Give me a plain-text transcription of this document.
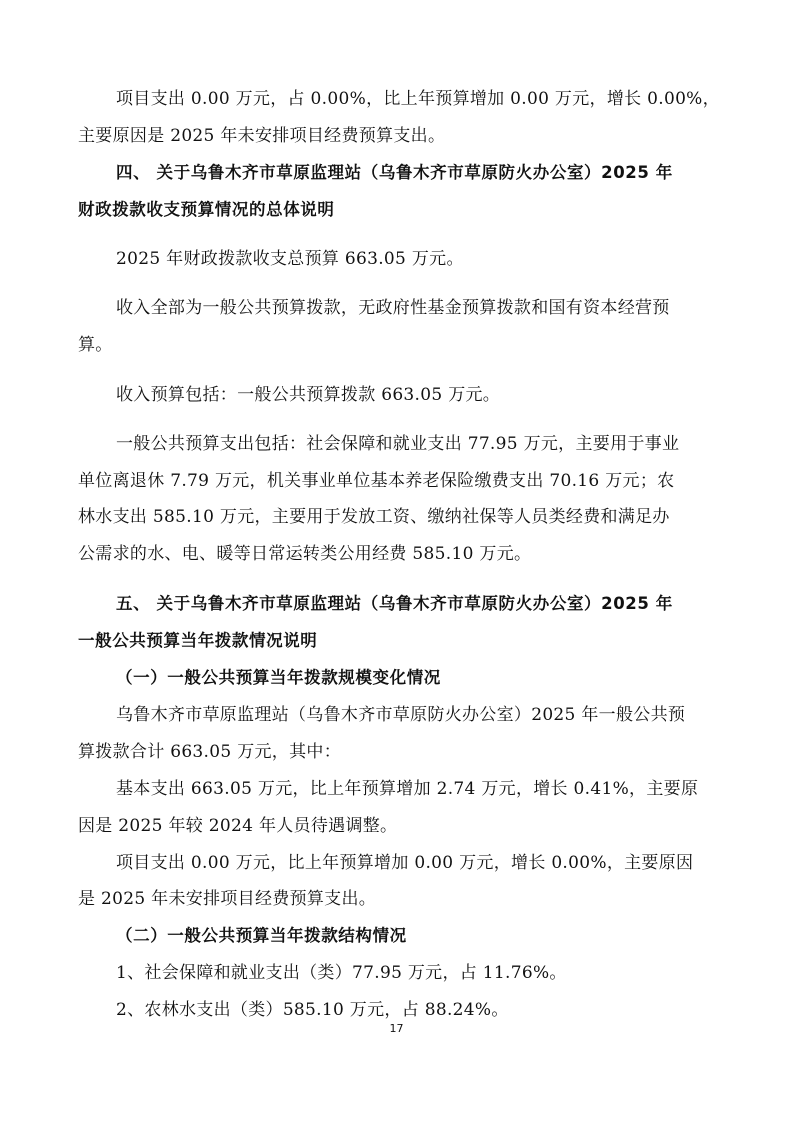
项目支出 0.00 万元，占 0.00%，比上年预算增加 0.00 万元，增长 0.00%，
主要原因是 2025 年未安排项目经费预算支出。
四、 关于乌鲁木齐市草原监理站（乌鲁木齐市草原防火办公室）2025 年
财政拨款收支预算情况的总体说明
2025 年财政拨款收支总预算 663.05 万元。
收入全部为一般公共预算拨款，无政府性基金预算拨款和国有资本经营预
算。
收入预算包括：一般公共预算拨款 663.05 万元。
一般公共预算支出包括：社会保障和就业支出 77.95 万元，主要用于事业
单位离退休 7.79 万元，机关事业单位基本养老保险缴费支出 70.16 万元；农
林水支出 585.10 万元，主要用于发放工资、缴纳社保等人员类经费和满足办
公需求的水、电、暖等日常运转类公用经费 585.10 万元。
五、 关于乌鲁木齐市草原监理站（乌鲁木齐市草原防火办公室）2025 年
一般公共预算当年拨款情况说明
（一）一般公共预算当年拨款规模变化情况
乌鲁木齐市草原监理站（乌鲁木齐市草原防火办公室）2025 年一般公共预
算拨款合计 663.05 万元，其中：
基本支出 663.05 万元，比上年预算增加 2.74 万元，增长 0.41%，主要原
因是 2025 年较 2024 年人员待遇调整。
项目支出 0.00 万元，比上年预算增加 0.00 万元，增长 0.00%，主要原因
是 2025 年未安排项目经费预算支出。
（二）一般公共预算当年拨款结构情况
1、社会保障和就业支出（类）77.95 万元，占 11.76%。
2、农林水支出（类）585.10 万元，占 88.24%。
17
